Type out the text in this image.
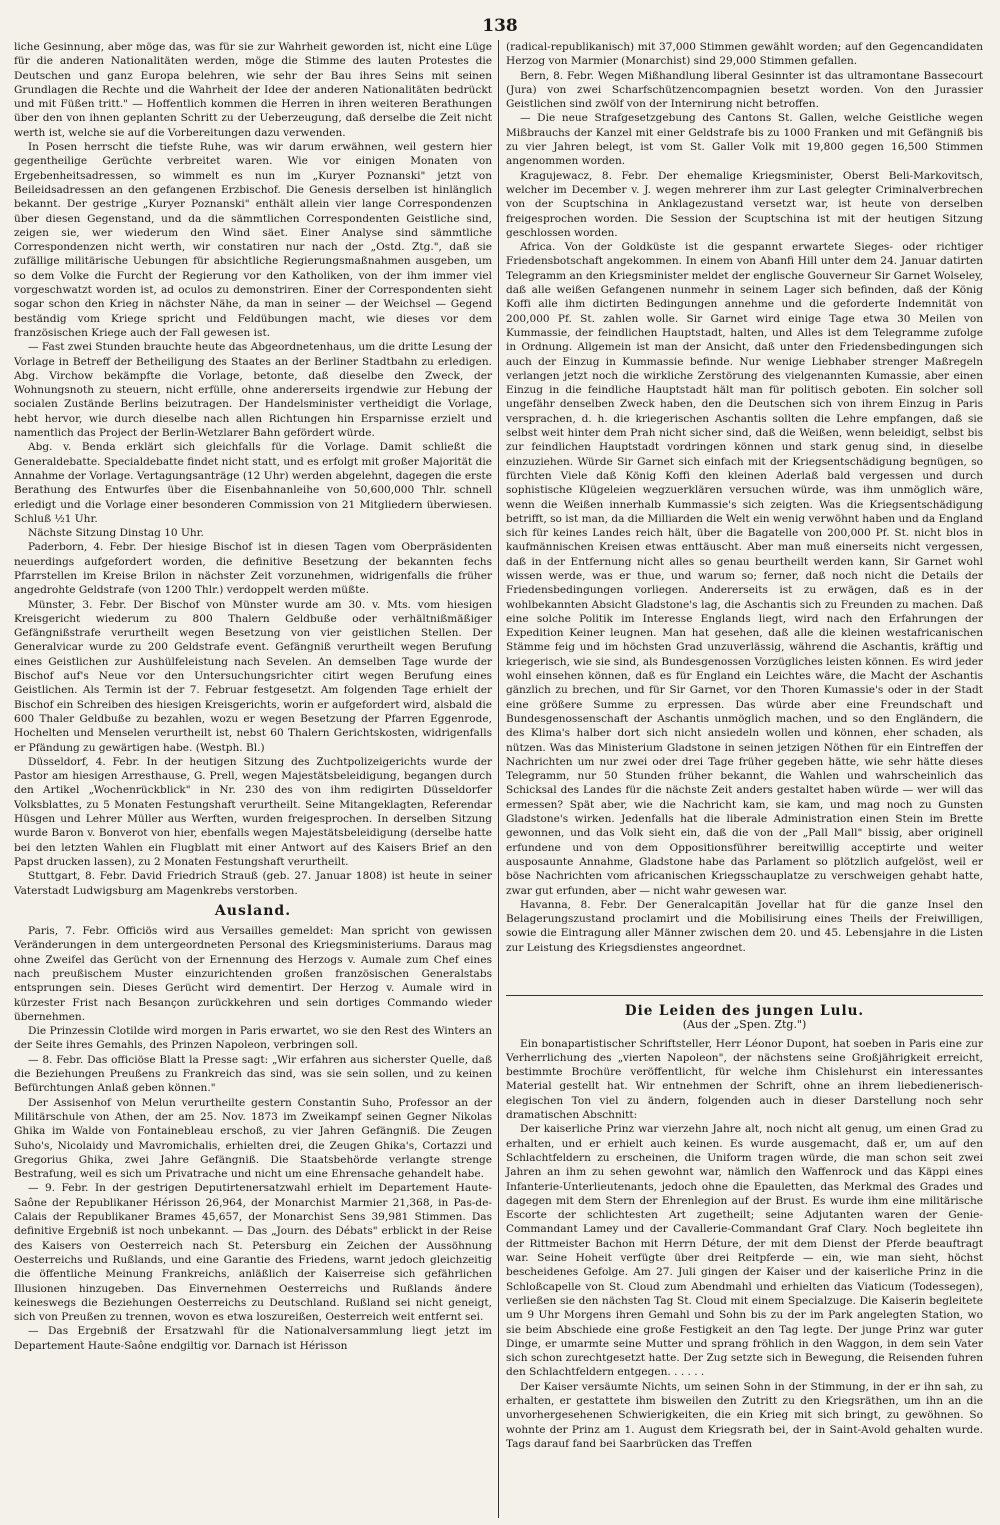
138

liche Gesinnung, aber möge das, was für sie zur Wahrheit geworden ist, nicht eine Lüge für die anderen Nationalitäten werden, möge die Stimme des lauten Protestes die Deutschen und ganz Europa belehren, wie sehr der Bau ihres Seins mit seinen Grundlagen die Rechte und die Wahrheit der Idee der anderen Nationalitäten bedrückt und mit Füßen tritt." — Hoffentlich kommen die Herren in ihren weiteren Berathungen über den von ihnen geplanten Schritt zu der Ueberzeugung, daß derselbe die Zeit nicht werth ist, welche sie auf die Vorbereitungen dazu verwenden.

In Posen herrscht die tiefste Ruhe, was wir darum erwähnen, weil gestern hier gegentheilige Gerüchte verbreitet waren. Wie vor einigen Monaten von Ergebenheitsadressen, so wimmelt es nun im „Kuryer Poznanski" jetzt von Beileidsadressen an den gefangenen Erzbischof. Die Genesis derselben ist hinlänglich bekannt. Der gestrige „Kuryer Poznanski" enthält allein vier lange Correspondenzen über diesen Gegenstand, und da die sämmtlichen Correspondenten Geistliche sind, zeigen sie, wer wiederum den Wind säet. Einer Analyse sind sämmtliche Correspondenzen nicht werth, wir constatiren nur nach der „Ostd. Ztg.", daß sie zufällige militärische Uebungen für absichtliche Regierungsmaßnahmen ausgeben, um so dem Volke die Furcht der Regierung vor den Katholiken, von der ihm immer viel vorgeschwatzt worden ist, ad oculos zu demonstriren. Einer der Correspondenten sieht sogar schon den Krieg in nächster Nähe, da man in seiner — der Weichsel — Gegend beständig vom Kriege spricht und Feldübungen macht, wie dieses vor dem französischen Kriege auch der Fall gewesen ist.

— Fast zwei Stunden brauchte heute das Abgeordnetenhaus, um die dritte Lesung der Vorlage in Betreff der Betheiligung des Staates an der Berliner Stadtbahn zu erledigen. Abg. Virchow bekämpfte die Vorlage, betonte, daß dieselbe den Zweck, der Wohnungsnoth zu steuern, nicht erfülle, ohne andererseits irgendwie zur Hebung der socialen Zustände Berlins beizutragen. Der Handelsminister vertheidigt die Vorlage, hebt hervor, wie durch dieselbe nach allen Richtungen hin Ersparnisse erzielt und namentlich das Project der Berlin-Wetzlarer Bahn gefördert würde.

Abg. v. Benda erklärt sich gleichfalls für die Vorlage. Damit schließt die Generaldebatte. Specialdebatte findet nicht statt, und es erfolgt mit großer Majorität die Annahme der Vorlage. Vertagungsanträge (12 Uhr) werden abgelehnt, dagegen die erste Berathung des Entwurfes über die Eisenbahnanleihe von 50,600,000 Thlr. schnell erledigt und die Vorlage einer besonderen Commission von 21 Mitgliedern überwiesen. Schluß ½1 Uhr.

Nächste Sitzung Dinstag 10 Uhr.

Paderborn, 4. Febr. Der hiesige Bischof ist in diesen Tagen vom Oberpräsidenten neuerdings aufgefordert worden, die definitive Besetzung der bekannten fechs Pfarrstellen im Kreise Brilon in nächster Zeit vorzunehmen, widrigenfalls die früher angedrohte Geldstrafe (von 1200 Thlr.) verdoppelt werden müßte.

Münster, 3. Febr. Der Bischof von Münster wurde am 30. v. Mts. vom hiesigen Kreisgericht wiederum zu 800 Thalern Geldbuße oder verhältnißmäßiger Gefängnißstrafe verurtheilt wegen Besetzung von vier geistlichen Stellen. Der Generalvicar wurde zu 200 Geldstrafe event. Gefängniß verurtheilt wegen Berufung eines Geistlichen zur Aushülfeleistung nach Sevelen. An demselben Tage wurde der Bischof auf's Neue vor den Untersuchungsrichter citirt wegen Berufung eines Geistlichen. Als Termin ist der 7. Februar festgesetzt. Am folgenden Tage erhielt der Bischof ein Schreiben des hiesigen Kreisgerichts, worin er aufgefordert wird, alsbald die 600 Thaler Geldbuße zu bezahlen, wozu er wegen Besetzung der Pfarren Eggenrode, Hochelten und Menselen verurtheilt ist, nebst 60 Thalern Gerichtskosten, widrigenfalls er Pfändung zu gewärtigen habe. (Westph. Bl.)

Düsseldorf, 4. Febr. In der heutigen Sitzung des Zuchtpolizeigerichts wurde der Pastor am hiesigen Arresthause, G. Prell, wegen Majestätsbeleidigung, begangen durch den Artikel „Wochenrückblick" in Nr. 230 des von ihm redigirten Düsseldorfer Volksblattes, zu 5 Monaten Festungshaft verurtheilt. Seine Mitangeklagten, Referendar Hüsgen und Lehrer Müller aus Werften, wurden freigesprochen. In derselben Sitzung wurde Baron v. Bonverot von hier, ebenfalls wegen Majestätsbeleidigung (derselbe hatte bei den letzten Wahlen ein Flugblatt mit einer Antwort auf des Kaisers Brief an den Papst drucken lassen), zu 2 Monaten Festungshaft verurtheilt.

Stuttgart, 8. Febr. David Friedrich Strauß (geb. 27. Januar 1808) ist heute in seiner Vaterstadt Ludwigsburg am Magenkrebs verstorben.

Ausland.

Paris, 7. Febr. Officiös wird aus Versailles gemeldet: Man spricht von gewissen Veränderungen in dem untergeordneten Personal des Kriegsministeriums. Daraus mag ohne Zweifel das Gerücht von der Ernennung des Herzogs v. Aumale zum Chef eines nach preußischem Muster einzurichtenden großen französischen Generalstabs entsprungen sein. Dieses Gerücht wird dementirt. Der Herzog v. Aumale wird in kürzester Frist nach Besançon zurückkehren und sein dortiges Commando wieder übernehmen.

Die Prinzessin Clotilde wird morgen in Paris erwartet, wo sie den Rest des Winters an der Seite ihres Gemahls, des Prinzen Napoleon, verbringen soll.

— 8. Febr. Das officiöse Blatt la Presse sagt: „Wir erfahren aus sicherster Quelle, daß die Beziehungen Preußens zu Frankreich das sind, was sie sein sollen, und zu keinen Befürchtungen Anlaß geben können."

Der Assisenhof von Melun verurtheilte gestern Constantin Suho, Professor an der Militärschule von Athen, der am 25. Nov. 1873 im Zweikampf seinen Gegner Nikolas Ghika im Walde von Fontainebleau erschoß, zu vier Jahren Gefängniß. Die Zeugen Suho's, Nicolaidy und Mavromichalis, erhielten drei, die Zeugen Ghika's, Cortazzi und Gregorius Ghika, zwei Jahre Gefängniß. Die Staatsbehörde verlangte strenge Bestrafung, weil es sich um Privatrache und nicht um eine Ehrensache gehandelt habe.

— 9. Febr. In der gestrigen Deputirtenersatzwahl erhielt im Departement Haute-Saône der Republikaner Hérisson 26,964, der Monarchist Marmier 21,368, in Pas-de-Calais der Republikaner Brames 45,657, der Monarchist Sens 39,981 Stimmen. Das definitive Ergebniß ist noch unbekannt. — Das „Journ. des Débats" erblickt in der Reise des Kaisers von Oesterreich nach St. Petersburg ein Zeichen der Aussöhnung Oesterreichs und Rußlands, und eine Garantie des Friedens, warnt jedoch gleichzeitig die öffentliche Meinung Frankreichs, anläßlich der Kaiserreise sich gefährlichen Illusionen hinzugeben. Das Einvernehmen Oesterreichs und Rußlands ändere keineswegs die Beziehungen Oesterreichs zu Deutschland. Rußland sei nicht geneigt, sich von Preußen zu trennen, wovon es etwa loszureißen, Oesterreich weit entfernt sei.

— Das Ergebniß der Ersatzwahl für die Nationalversammlung liegt jetzt im Departement Haute-Saône endgiltig vor. Darnach ist Hérisson

(radical-republikanisch) mit 37,000 Stimmen gewählt worden; auf den Gegencandidaten Herzog von Marmier (Monarchist) sind 29,000 Stimmen gefallen.

Bern, 8. Febr. Wegen Mißhandlung liberal Gesinnter ist das ultramontane Bassecourt (Jura) von zwei Scharfschützencompagnien besetzt worden. Von den Jurassier Geistlichen sind zwölf von der Internirung nicht betroffen.

— Die neue Strafgesetzgebung des Cantons St. Gallen, welche Geistliche wegen Mißbrauchs der Kanzel mit einer Geldstrafe bis zu 1000 Franken und mit Gefängniß bis zu vier Jahren belegt, ist vom St. Galler Volk mit 19,800 gegen 16,500 Stimmen angenommen worden.

Kragujewacz, 8. Febr. Der ehemalige Kriegsminister, Oberst Beli-Markovitsch, welcher im December v. J. wegen mehrerer ihm zur Last gelegter Criminalverbrechen von der Scuptschina in Anklagezustand versetzt war, ist heute von derselben freigesprochen worden. Die Session der Scuptschina ist mit der heutigen Sitzung geschlossen worden.

Africa. Von der Goldküste ist die gespannt erwartete Sieges- oder richtiger Friedensbotschaft angekommen. In einem von Abanfi Hill unter dem 24. Januar datirten Telegramm an den Kriegsminister meldet der englische Gouverneur Sir Garnet Wolseley, daß alle weißen Gefangenen nunmehr in seinem Lager sich befinden, daß der König Koffi alle ihm dictirten Bedingungen annehme und die geforderte Indemnität von 200,000 Pf. St. zahlen wolle. Sir Garnet wird einige Tage etwa 30 Meilen von Kummassie, der feindlichen Hauptstadt, halten, und Alles ist dem Telegramme zufolge in Ordnung. Allgemein ist man der Ansicht, daß unter den Friedensbedingungen sich auch der Einzug in Kummassie befinde. Nur wenige Liebhaber strenger Maßregeln verlangen jetzt noch die wirkliche Zerstörung des vielgenannten Kumassie, aber einen Einzug in die feindliche Hauptstadt hält man für politisch geboten. Ein solcher soll ungefähr denselben Zweck haben, den die Deutschen sich von ihrem Einzug in Paris versprachen, d. h. die kriegerischen Aschantis sollten die Lehre empfangen, daß sie selbst weit hinter dem Prah nicht sicher sind, daß die Weißen, wenn beleidigt, selbst bis zur feindlichen Hauptstadt vordringen können und stark genug sind, in dieselbe einzuziehen. Würde Sir Garnet sich einfach mit der Kriegsentschädigung begnügen, so fürchten Viele daß König Koffi den kleinen Aderlaß bald vergessen und durch sophistische Klügeleien wegzuerklären versuchen würde, was ihm unmöglich wäre, wenn die Weißen innerhalb Kummassie's sich zeigten. Was die Kriegsentschädigung betrifft, so ist man, da die Milliarden die Welt ein wenig verwöhnt haben und da England sich für keines Landes reich hält, über die Bagatelle von 200,000 Pf. St. nicht blos in kaufmännischen Kreisen etwas enttäuscht. Aber man muß einerseits nicht vergessen, daß in der Entfernung nicht alles so genau beurtheilt werden kann, Sir Garnet wohl wissen werde, was er thue, und warum so; ferner, daß noch nicht die Details der Friedensbedingungen vorliegen. Andererseits ist zu erwägen, daß es in der wohlbekannten Absicht Gladstone's lag, die Aschantis sich zu Freunden zu machen. Daß eine solche Politik im Interesse Englands liegt, wird nach den Erfahrungen der Expedition Keiner leugnen. Man hat gesehen, daß alle die kleinen westafricanischen Stämme feig und im höchsten Grad unzuverlässig, während die Aschantis, kräftig und kriegerisch, wie sie sind, als Bundesgenossen Vorzügliches leisten können. Es wird jeder wohl einsehen können, daß es für England ein Leichtes wäre, die Macht der Aschantis gänzlich zu brechen, und für Sir Garnet, vor den Thoren Kumassie's oder in der Stadt eine größere Summe zu erpressen. Das würde aber eine Freundschaft und Bundesgenossenschaft der Aschantis unmöglich machen, und so den Engländern, die des Klima's halber dort sich nicht ansiedeln wollen und können, eher schaden, als nützen. Was das Ministerium Gladstone in seinen jetzigen Nöthen für ein Eintreffen der Nachrichten um nur zwei oder drei Tage früher gegeben hätte, wie sehr hätte dieses Telegramm, nur 50 Stunden früher bekannt, die Wahlen und wahrscheinlich das Schicksal des Landes für die nächste Zeit anders gestaltet haben würde — wer will das ermessen? Spät aber, wie die Nachricht kam, sie kam, und mag noch zu Gunsten Gladstone's wirken. Jedenfalls hat die liberale Administration einen Stein im Brette gewonnen, und das Volk sieht ein, daß die von der „Pall Mall" bissig, aber originell erfundene und von dem Oppositionsführer bereitwillig acceptirte und weiter ausposaunte Annahme, Gladstone habe das Parlament so plötzlich aufgelöst, weil er böse Nachrichten vom africanischen Kriegsschauplatze zu verschweigen gehabt hatte, zwar gut erfunden, aber — nicht wahr gewesen war.

Havanna, 8. Febr. Der Generalcapitän Jovellar hat für die ganze Insel den Belagerungszustand proclamirt und die Mobilisirung eines Theils der Freiwilligen, sowie die Eintragung aller Männer zwischen dem 20. und 45. Lebensjahre in die Listen zur Leistung des Kriegsdienstes angeordnet.

Die Leiden des jungen Lulu.
(Aus der „Spen. Ztg.")

Ein bonapartistischer Schriftsteller, Herr Léonor Dupont, hat soeben in Paris eine zur Verherrlichung des „vierten Napoleon", der nächstens seine Großjährigkeit erreicht, bestimmte Brochüre veröffentlicht, für welche ihm Chislehurst ein interessantes Material gestellt hat. Wir entnehmen der Schrift, ohne an ihrem liebedienerisch-elegischen Ton viel zu ändern, folgenden auch in dieser Darstellung noch sehr dramatischen Abschnitt:

Der kaiserliche Prinz war vierzehn Jahre alt, noch nicht alt genug, um einen Grad zu erhalten, und er erhielt auch keinen. Es wurde ausgemacht, daß er, um auf den Schlachtfeldern zu erscheinen, die Uniform tragen würde, die man schon seit zwei Jahren an ihm zu sehen gewohnt war, nämlich den Waffenrock und das Käppi eines Infanterie-Unterlieutenants, jedoch ohne die Epauletten, das Merkmal des Grades und dagegen mit dem Stern der Ehrenlegion auf der Brust. Es wurde ihm eine militärische Escorte der schlichtesten Art zugetheilt; seine Adjutanten waren der Genie-Commandant Lamey und der Cavallerie-Commandant Graf Clary. Noch begleitete ihn der Rittmeister Bachon mit Herrn Déture, der mit dem Dienst der Pferde beauftragt war. Seine Hoheit verfügte über drei Reitpferde — ein, wie man sieht, höchst bescheidenes Gefolge. Am 27. Juli gingen der Kaiser und der kaiserliche Prinz in die Schloßcapelle von St. Cloud zum Abendmahl und erhielten das Viaticum (Todessegen), verließen sie den nächsten Tag St. Cloud mit einem Specialzuge. Die Kaiserin begleitete um 9 Uhr Morgens ihren Gemahl und Sohn bis zu der im Park angelegten Station, wo sie beim Abschiede eine große Festigkeit an den Tag legte. Der junge Prinz war guter Dinge, er umarmte seine Mutter und sprang fröhlich in den Waggon, in dem sein Vater sich schon zurechtgesetzt hatte. Der Zug setzte sich in Bewegung, die Reisenden fuhren den Schlachtfeldern entgegen. . . . . .

Der Kaiser versäumte Nichts, um seinen Sohn in der Stimmung, in der er ihn sah, zu erhalten, er gestattete ihm bisweilen den Zutritt zu den Kriegsräthen, um ihn an die unvorhergesehenen Schwierigkeiten, die ein Krieg mit sich bringt, zu gewöhnen. So wohnte der Prinz am 1. August dem Kriegsrath bei, der in Saint-Avold gehalten wurde. Tags darauf fand bei Saarbrücken das Treffen
